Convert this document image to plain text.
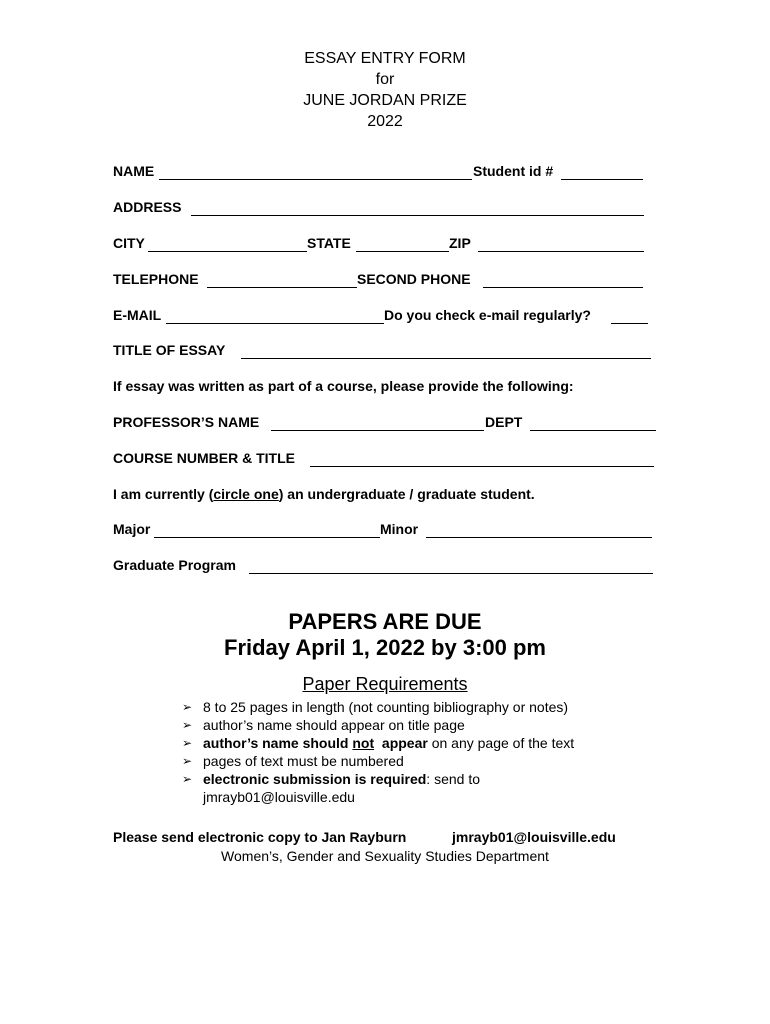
ESSAY ENTRY FORM
for
JUNE JORDAN PRIZE
2022
NAME	Student id #
ADDRESS
CITY	STATE	ZIP
TELEPHONE	SECOND PHONE
E-MAIL	Do you check e-mail regularly?
TITLE OF ESSAY
If essay was written as part of a course, please provide the following:
PROFESSOR’S NAME	DEPT
COURSE NUMBER & TITLE
I am currently (circle one) an undergraduate / graduate student.
Major	Minor
Graduate Program
PAPERS ARE DUE
Friday April 1, 2022 by 3:00 pm
Paper Requirements
➢ 8 to 25 pages in length (not counting bibliography or notes)
➢ author’s name should appear on title page
➢ author’s name should not  appear on any page of the text
➢ pages of text must be numbered
➢ electronic submission is required: send to
jmrayb01@louisville.edu
Please send electronic copy to Jan Rayburn	jmrayb01@louisville.edu
Women’s, Gender and Sexuality Studies Department
